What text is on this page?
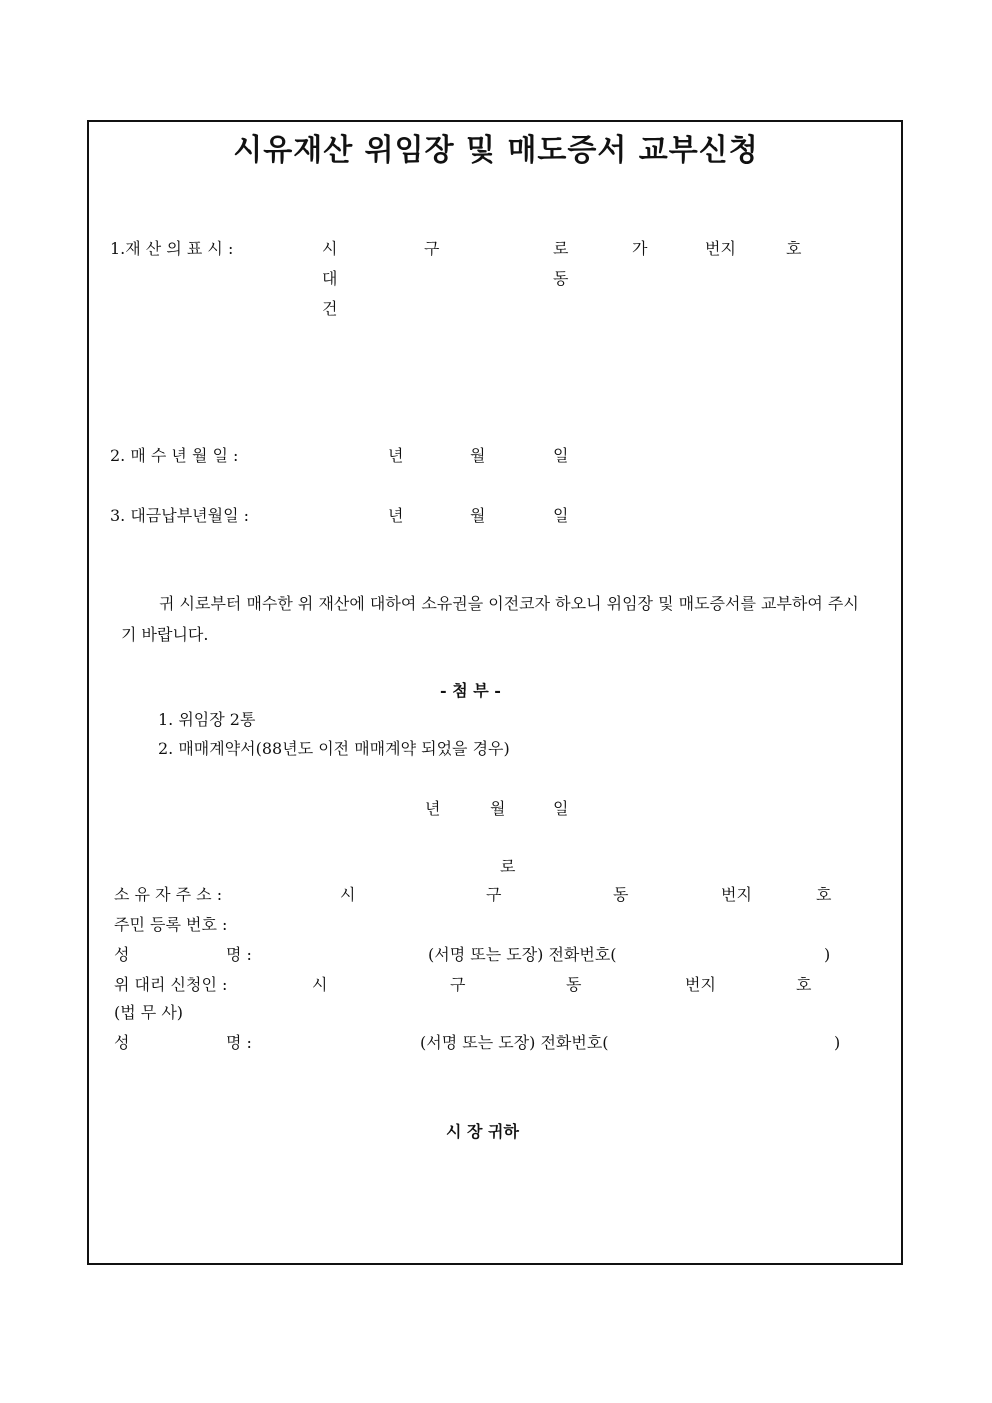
시유재산 위임장 및 매도증서 교부신청
1.재 산 의 표 시 :	시	구	로	가	번지	호
대	동
건
2. 매 수 년 월 일 :	년	월	일
3. 대금납부년월일 :	년	월	일
귀 시로부터 매수한 위 재산에 대하여 소유권을 이전코자 하오니 위임장 및 매도증서를 교부하여 주시기 바랍니다.
- 첨 부 -
1. 위임장 2통
2. 매매계약서(88년도 이전 매매계약 되었을 경우)
년	월	일
로
소 유 자 주 소 :	시	구	동	번지	호
주민 등록 번호 :
성	명 :	(서명 또는 도장) 전화번호(	)
위 대리 신청인 :	시	구	동	번지	호
(법 무 사)
성	명 :	(서명 또는 도장) 전화번호(	)
시 장 귀하
